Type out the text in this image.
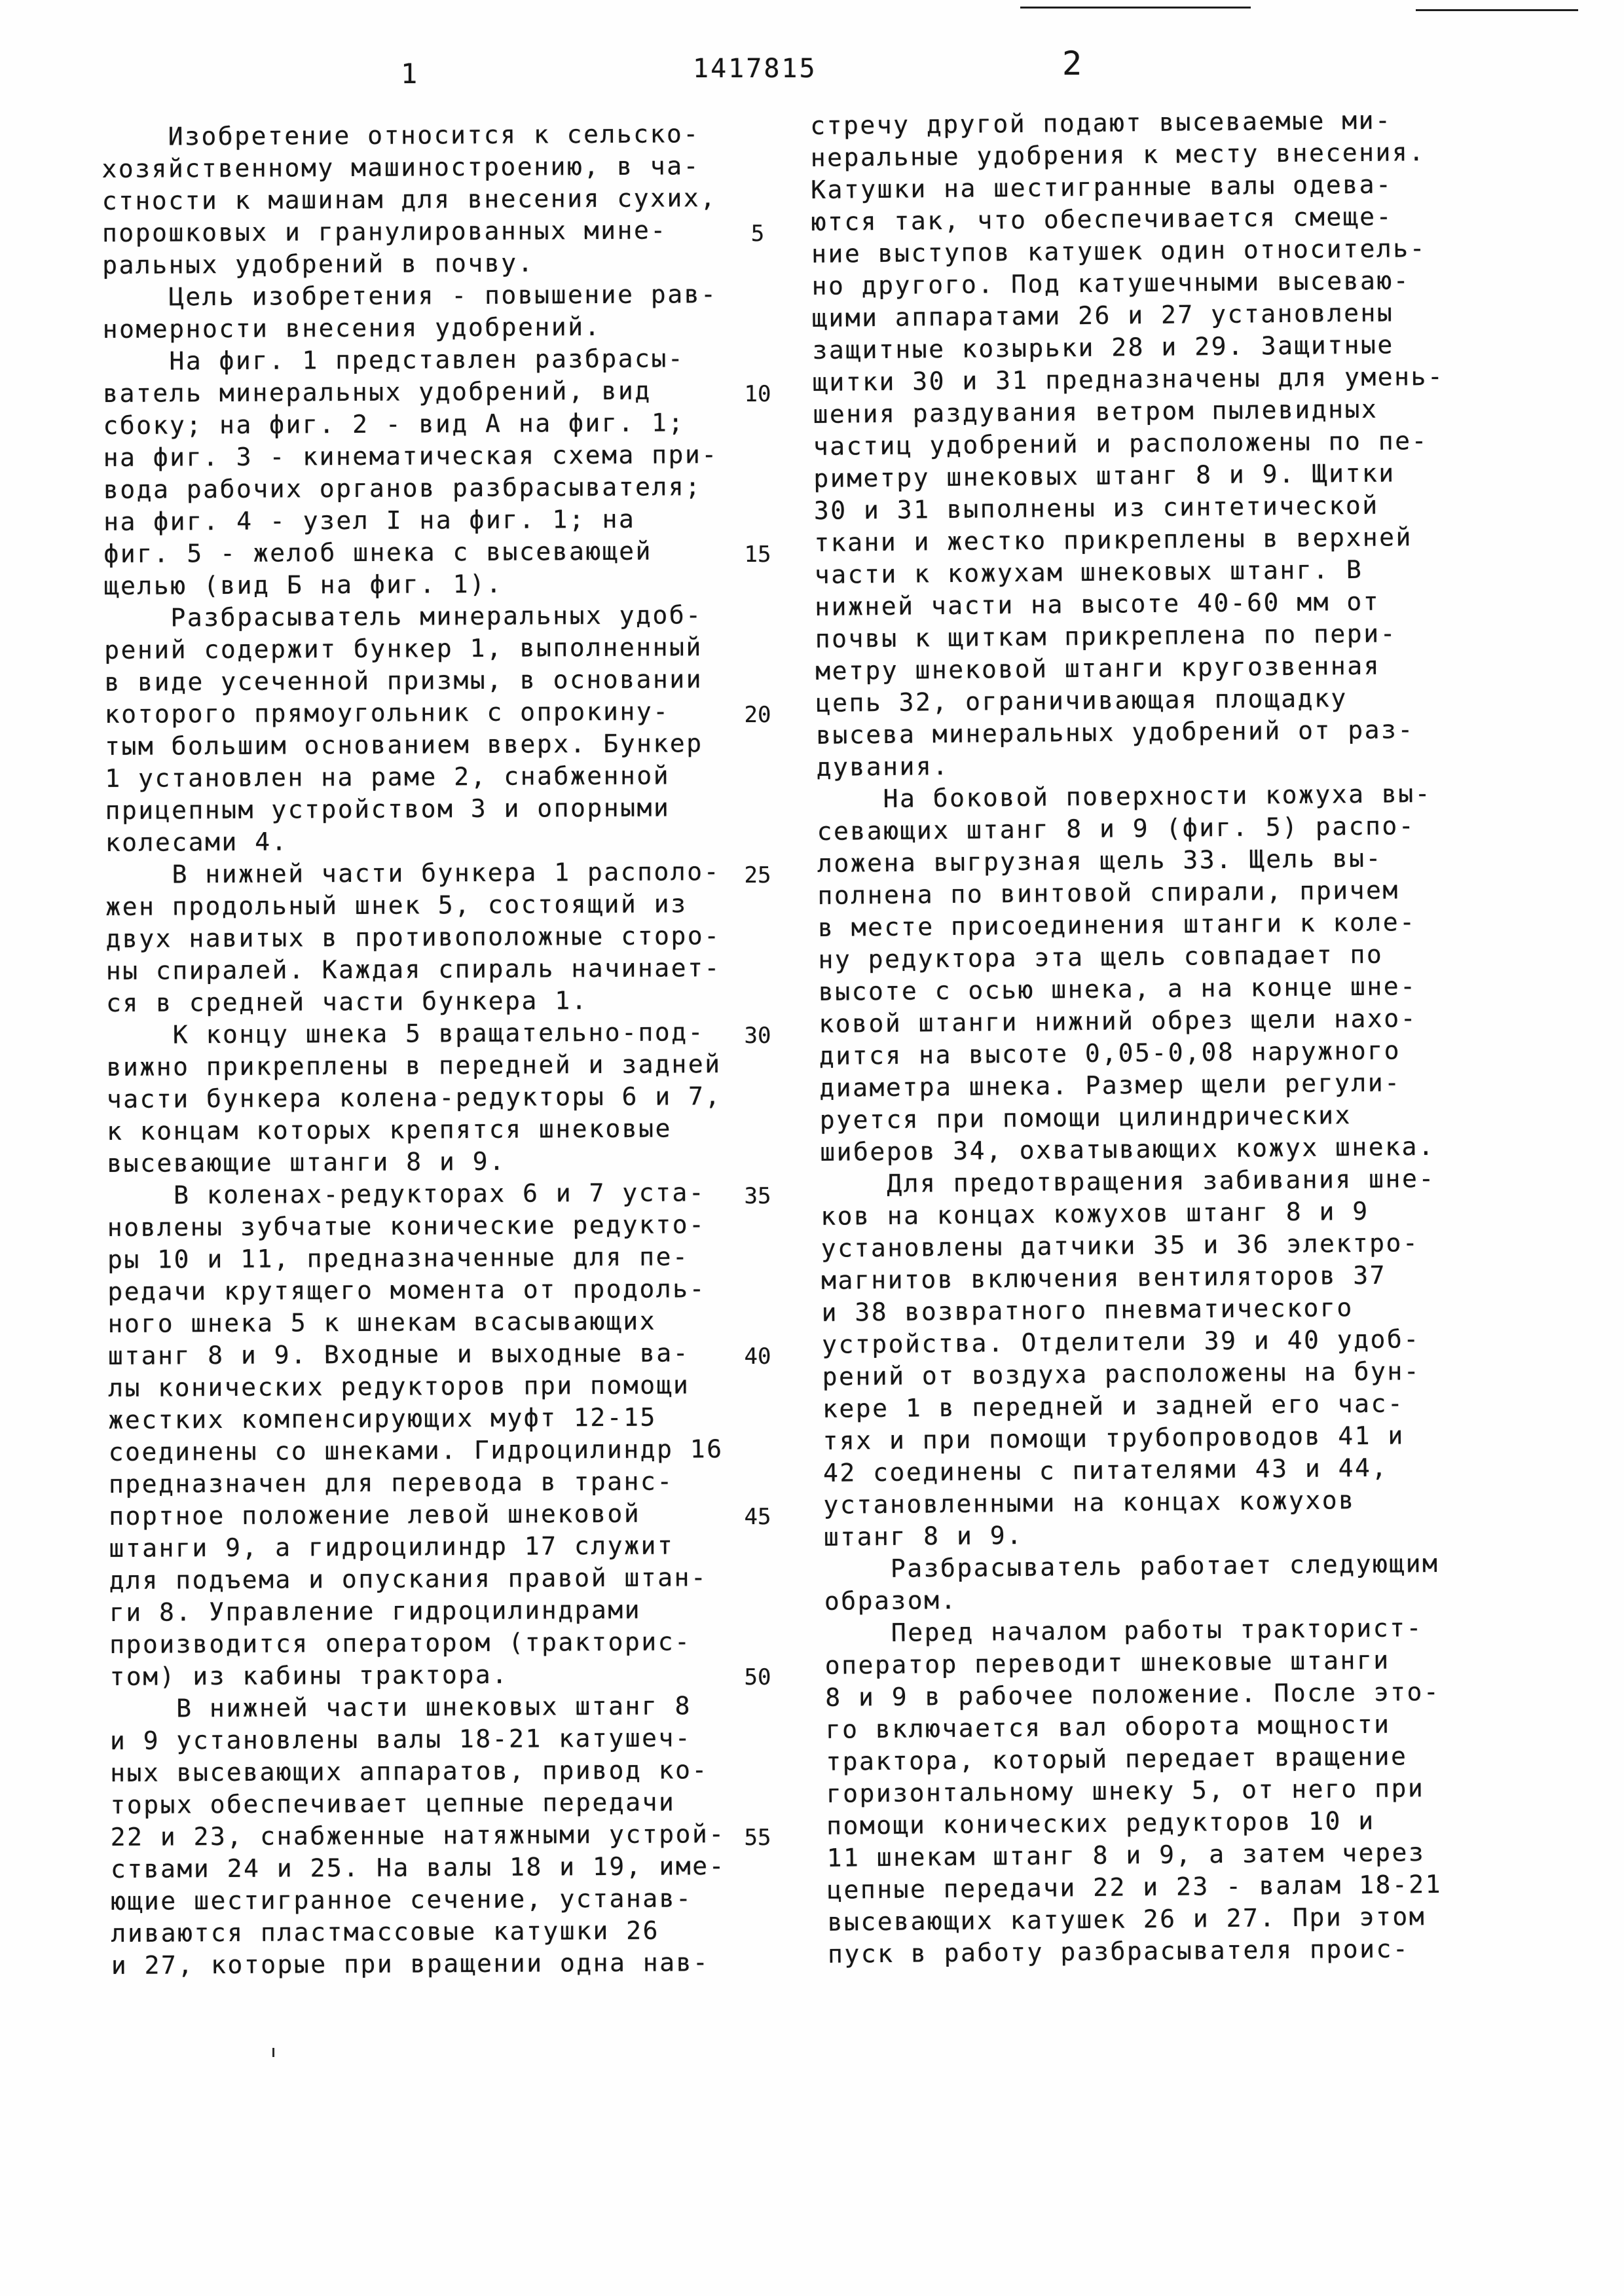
1	1417815	2
Изобретение относится к сельско-
хозяйственному машиностроению, в ча-
стности к машинам для внесения сухих,
порошковых и гранулированных мине-
ральных удобрений в почву.
Цель изобретения - повышение рав-
номерности внесения удобрений.
На фиг. 1 представлен разбрасы-
ватель минеральных удобрений, вид
сбоку; на фиг. 2 - вид А на фиг. 1;
на фиг. 3 - кинематическая схема при-
вода рабочих органов разбрасывателя;
на фиг. 4 - узел I на фиг. 1; на
фиг. 5 - желоб шнека с высевающей
щелью (вид Б на фиг. 1).
Разбрасыватель минеральных удоб-
рений содержит бункер 1, выполненный
в виде усеченной призмы, в основании
которого прямоугольник с опрокину-
тым большим основанием вверх. Бункер
1 установлен на раме 2, снабженной
прицепным устройством 3 и опорными
колесами 4.
В нижней части бункера 1 располо-
жен продольный шнек 5, состоящий из
двух навитых в противоположные сторо-
ны спиралей. Каждая спираль начинает-
ся в средней части бункера 1.
К концу шнека 5 вращательно-под-
вижно прикреплены в передней и задней
части бункера колена-редукторы 6 и 7,
к концам которых крепятся шнековые
высевающие штанги 8 и 9.
В коленах-редукторах 6 и 7 уста-
новлены зубчатые конические редукто-
ры 10 и 11, предназначенные для пе-
редачи крутящего момента от продоль-
ного шнека 5 к шнекам всасывающих
штанг 8 и 9. Входные и выходные ва-
лы конических редукторов при помощи
жестких компенсирующих муфт 12-15
соединены со шнеками. Гидроцилиндр 16
предназначен для перевода в транс-
портное положение левой шнековой
штанги 9, а гидроцилиндр 17 служит
для подъема и опускания правой штан-
ги 8. Управление гидроцилиндрами
производится оператором (тракторис-
том) из кабины трактора.
В нижней части шнековых штанг 8
и 9 установлены валы 18-21 катушеч-
ных высевающих аппаратов, привод ко-
торых обеспечивает цепные передачи
22 и 23, снабженные натяжными устрой-
ствами 24 и 25. На валы 18 и 19, име-
ющие шестигранное сечение, устанав-
ливаются пластмассовые катушки 26
и 27, которые при вращении одна нав-
стречу другой подают высеваемые ми-
неральные удобрения к месту внесения.
Катушки на шестигранные валы одева-
ются так, что обеспечивается смеще-
ние выступов катушек один относитель-
но другого. Под катушечными высеваю-
щими аппаратами 26 и 27 установлены
защитные козырьки 28 и 29. Защитные
щитки 30 и 31 предназначены для умень-
шения раздувания ветром пылевидных
частиц удобрений и расположены по пе-
риметру шнековых штанг 8 и 9. Щитки
30 и 31 выполнены из синтетической
ткани и жестко прикреплены в верхней
части к кожухам шнековых штанг. В
нижней части на высоте 40-60 мм от
почвы к щиткам прикреплена по пери-
метру шнековой штанги кругозвенная
цепь 32, ограничивающая площадку
высева минеральных удобрений от раз-
дувания.
На боковой поверхности кожуха вы-
севающих штанг 8 и 9 (фиг. 5) распо-
ложена выгрузная щель 33. Щель вы-
полнена по винтовой спирали, причем
в месте присоединения штанги к коле-
ну редуктора эта щель совпадает по
высоте с осью шнека, а на конце шне-
ковой штанги нижний обрез щели нахо-
дится на высоте 0,05-0,08 наружного
диаметра шнека. Размер щели регули-
руется при помощи цилиндрических
шиберов 34, охватывающих кожух шнека.
Для предотвращения забивания шне-
ков на концах кожухов штанг 8 и 9
установлены датчики 35 и 36 электро-
магнитов включения вентиляторов 37
и 38 возвратного пневматического
устройства. Отделители 39 и 40 удоб-
рений от воздуха расположены на бун-
кере 1 в передней и задней его час-
тях и при помощи трубопроводов 41 и
42 соединены с питателями 43 и 44,
установленными на концах кожухов
штанг 8 и 9.
Разбрасыватель работает следующим
образом.
Перед началом работы тракторист-
оператор переводит шнековые штанги
8 и 9 в рабочее положение. После это-
го включается вал оборота мощности
трактора, который передает вращение
горизонтальному шнеку 5, от него при
помощи конических редукторов 10 и
11 шнекам штанг 8 и 9, а затем через
цепные передачи 22 и 23 - валам 18-21
высевающих катушек 26 и 27. При этом
пуск в работу разбрасывателя проис-
5
10
15
20
25
30
35
40
45
50
55
